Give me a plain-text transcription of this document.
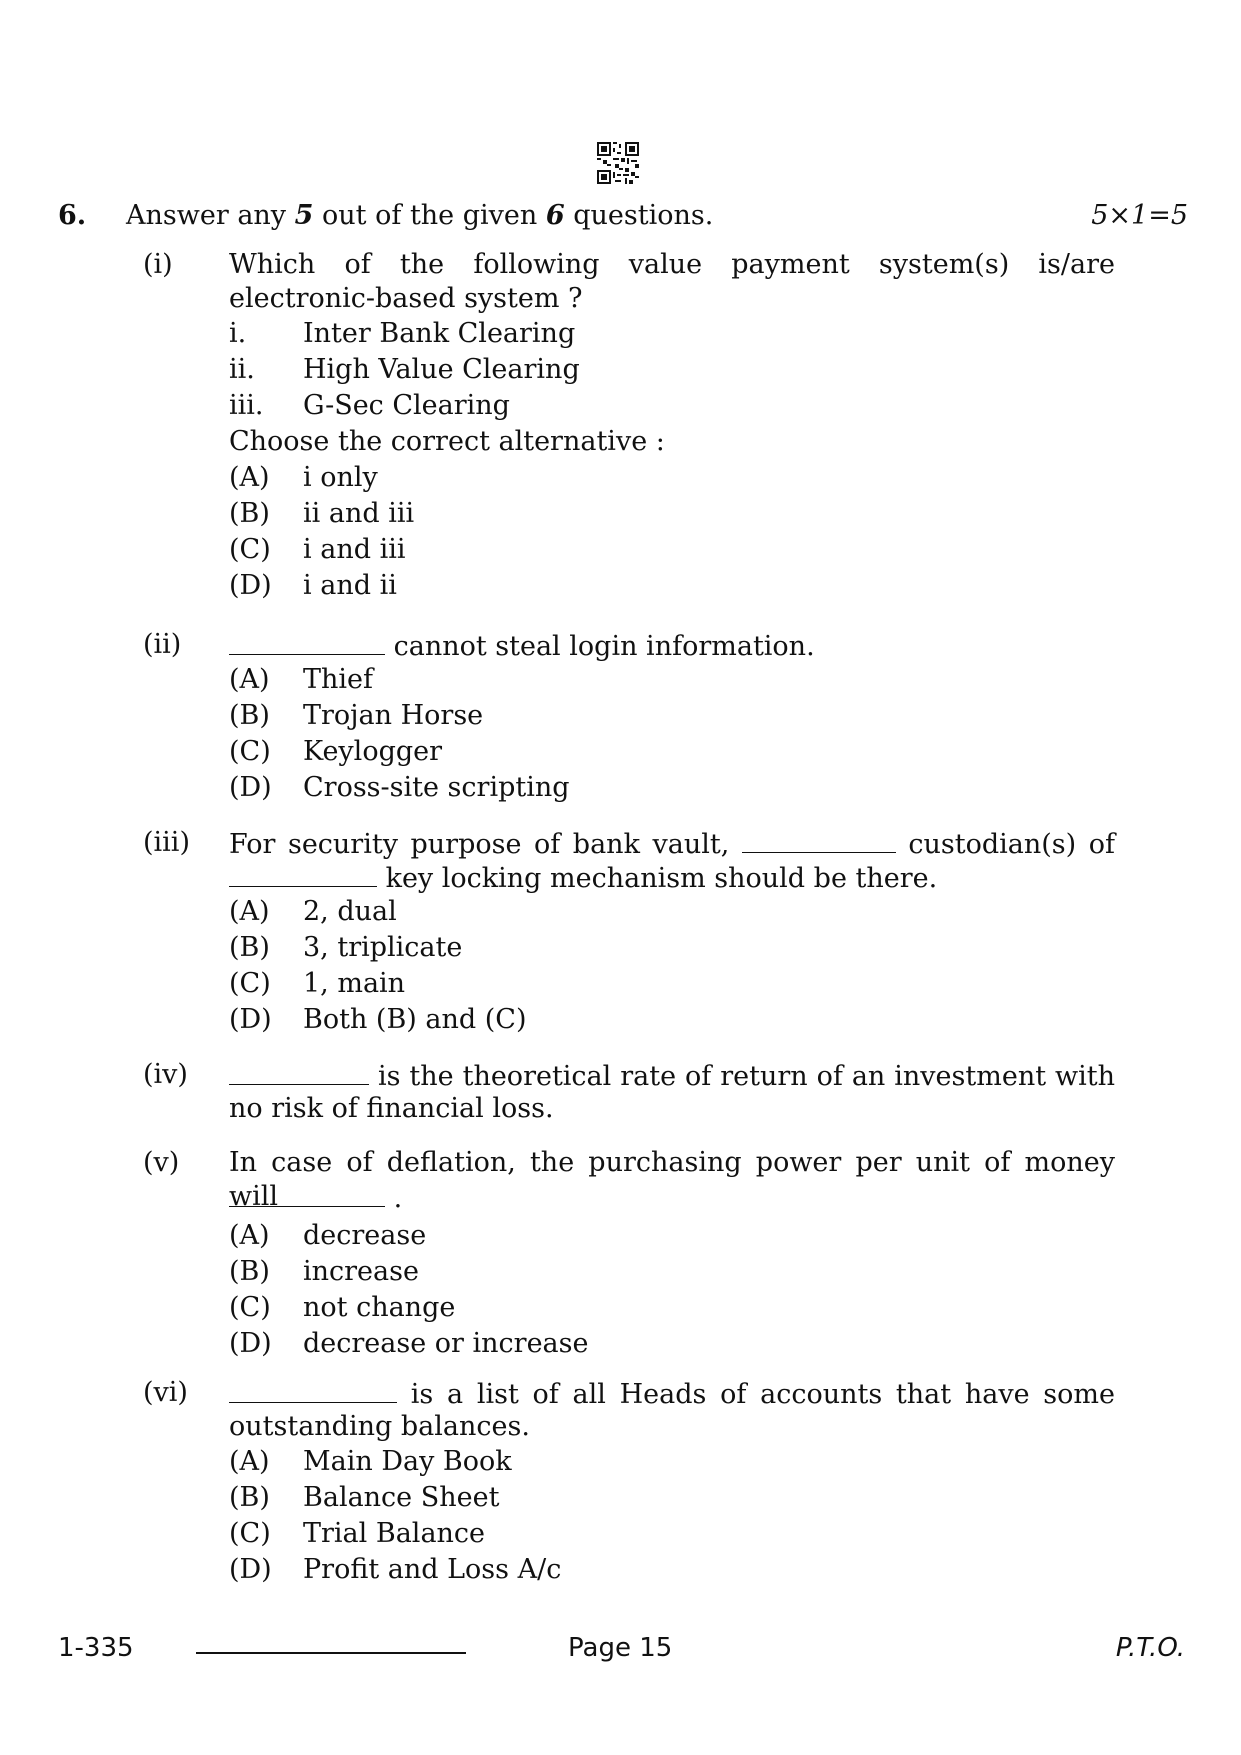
6. Answer any 5 out of the given 6 questions.	5×1=5
(i) Which of the following value payment system(s) is/are
electronic-based system ?
i. Inter Bank Clearing
ii. High Value Clearing
iii. G-Sec Clearing
Choose the correct alternative :
(A) i only
(B) ii and iii
(C) i and iii
(D) i and ii
(ii)	cannot steal login information.
(A) Thief
(B) Trojan Horse
(C) Keylogger
(D) Cross-site scripting
(iii) For security purpose of bank vault,	custodian(s) of
key locking mechanism should be there.
(A) 2, dual
(B) 3, triplicate
(C) 1, main
(D) Both (B) and (C)
(iv)	is the theoretical rate of return of an investment with
no risk of financial loss.
(v) In case of deflation, the purchasing power per unit of money will	.
(A) decrease
(B) increase
(C) not change
(D) decrease or increase
(vi)	is a list of all Heads of accounts that have some
outstanding balances.
(A) Main Day Book
(B) Balance Sheet
(C) Trial Balance
(D) Profit and Loss A/c
1-335	Page 15	P.T.O.
